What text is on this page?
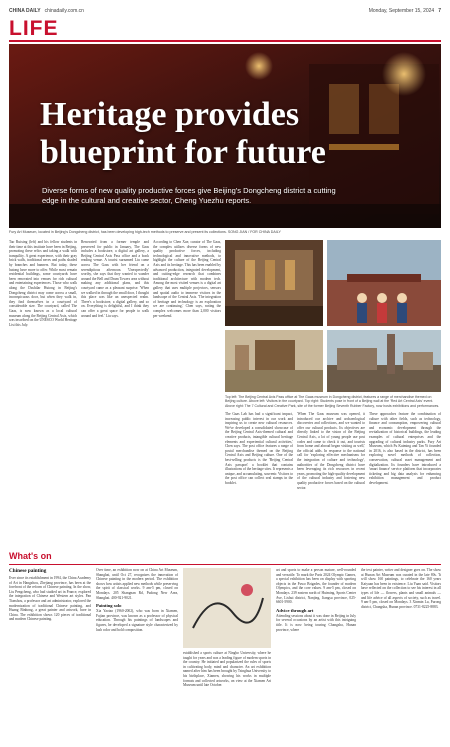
CHINA DAILY chinadaily.com.cn	Monday, September 15, 2024 7
LIFE
Heritage provides blueprint for future
Diverse forms of new quality productive forces give Beijing's Dongcheng district a cutting edge in the cultural and creative sector, Cheng Yuezhu reports.
Fury Art Museum, located in Beijing's Dongcheng district, has been developing high-tech methods to preserve and present its collections. SONG JIAN / FOR CHINA DAILY
Tao Ruixing (left) and his fellow students in their time at this institute have been in Beijing, promoting these relics and taking a walk with tranquility. A great experience, with their gray brick walls, traditional eaves and paths shaded by branches and banners. But today, these hutong have more to offer. While most remain residential buildings, some courtyards have been renovated into venues for rich cultural and entertaining experiences. Those who walk along the Dashilar Hutong in Beijing's Dongcheng district may come across a small, inconspicuous door, but when they walk in, they find themselves in a courtyard of considerable size. The courtyard, called The Gaas, is now known as a local cultural museum along the Beijing Central Axis, which was inscribed on the UNESCO World Heritage List this July.
Renovated from a former temple and preserved for public in January, The Gaas includes a bookstore, a digital art gallery, a Beijing Central Axis Pass office and a book reading venue. A tourist surnamed Liu came across The Gaas with her friend on a serendipitous afternoon. 'Unexpectedly' worthy, she says that they wanted to wander around the Bell and Drum Towers area without making any additional plans, and this courtyard came as a pleasant surprise. 'When we walked in through the small door, I thought this place was like an unexpected realm. There's a bookstore, a digital gallery, and so on. Everything is delightful, and I think they can offer a great space for people to walk around and feel.' Liu says.
According to Chen Xue, curator of The Gaas, the complex utilizes diverse forms of new quality productive forces, including technological and innovative methods, to highlight the culture of the Beijing Central Axis and its heritage. This has been enabled by advanced production, integrated development, and cutting-edge research that combines traditional architecture with modern tech. Among the most visited venues is a digital art gallery that uses multiple projectors, sensors and spatial audio to immerse visitors in the landscape of the Central Axis. 'The integration of heritage and technology is an exploration we are continuing,' Chen says, noting the complex welcomes more than 2,000 visitors per weekend.
Top left: The Beijing Central Axis Pass office at The Gaas museum in Dongcheng district, features a range of merchandise themed on Beijing culture. Above left: Visitors in the courtyard. Top right: Students pose in front of a Beijing wall at the 'Red Art Central Axis' event. Above right: The 7 Cultural and Creative Park, site of the former Beijing Seventh Rubber Factory, now hosts exhibitions and performances.
The Gaas Lab has had a significant impact, increasing public interest in our work and inspiring us to create new cultural resources. We've developed a consolidated showcase of the Beijing Central Axis-themed cultural and creative products, intangible cultural heritage elements and experiential cultural activities,' Chen says. The post office features a range of postal merchandise themed on the Beijing Central Axis and Beijing culture. One of the best-selling products is the 'Beijing Central Axis passport' a booklet that contains illustrations of the heritage sites. It represents a unique, and accumulating, souvenir. Visitors to the post office can collect seal stamps in the booklet.
'When The Gaas museum was opened, it introduced our archive and archaeological discoveries and collections, and we wanted to offer our cultural products. Its objectives are directly linked to the vision of the Beijing Central Axis, a lot of young people use post codes and came to check it out, and tourists from home and abroad began visiting as well,' the official adds. In response to the national call for 'exploring effective mechanisms for the integration of culture and technology', authorities of the Dongcheng district have been leveraging its rich resources in recent years, promoting the high-quality development of the cultural industry and fostering new quality productive forces based on the cultural sector.
These approaches feature the combination of culture with other fields, such as technology, finance and consumption, empowering cultural and economic development through the revitalization of historical buildings, the leading examples of cultural enterprises and the upgrading of cultural industry parks. Fury Art Museum, which Fu Kaiming and Tan Yi founded in 2016, is also based in the district, has been exploring novel methods of collection, conservation, cultural asset management and digitalization. Its founders have introduced a 'smart finance' service platform that incorporates ticketing and big data analysis for enhancing exhibition management and product development.
What's on
Chinese painting
Ever since its establishment in 1994, the China Academy of Art in Hangzhou, Zhejiang province, has been at the forefront of the reform of Chinese painting. In the show, Liu Pengcheng, who had studied art in France, explored the integration of Chinese and Western art styles. Pan Tianshou, a professor and art administrator, explored the modernization of traditional Chinese painting, and Huang Binhong, a great painter and artwork, bore in China. The exhibition shows 120 pieces of traditional and modern Chinese painting.
Over time, an exhibition now on at China Art Museum, Shanghai, until Oct 27, recognizes the innovation of Chinese painting in the modern period. The exhibition shows how artists applied new methods while preserving the spirit of classical works. 9 am-5 pm, closed on Mondays. 205 Shangnan Rd, Pudong New Area, Shanghai. 400-921-9021.
Painting solo
Xia Yaotao (1960-2002), who was born in Xiamen, Fujian province, was known as a professor of physical education. Through his paintings of landscapes and figures, he developed a signature style characterized by lush color and bold composition.
established a sports culture at Ningbo University, where he taught for years and was a leading figure of modern sports in the country. He initiated and popularized the rules of sports in cultivating body, mind and character. An art exhibition named after him has been brought by Tsinghua University to his birthplace, Xiamen, showing his works in multiple formats and collected artworks, on view at the Xiamen Art Museum until late October.
art and sports to make a person mature, well-rounded and versatile. To mark the Paris 2024 Olympic Games, a special exhibition has been on display with sporting objects in the Fuwo Brigades, the founder of modern Olympics, and the core values. 9 am-5 pm, closed on Mondays. 239 eastern north of Huiming, Sports Center Ave, Lishui district, Nanjing, Jiangsu province, 025-6601-5900.
Advice through art
Attending sessions about it was done in Beijing in July for several occasions by an artist with this intriguing title. It is now being touring Changsha, Hunan province, where
the text painter, writer and designer goes on. The show at Hunan Art Museum was curated in the late 80s. 'It will show 160 paintings, to celebrate the 160 years Kaiyuan has been in existence. Liu Yuan said. Visitors have reflected on the collection to see his interest in all types of life — flowers, plants and small animals — and life advice of all aspects of society, such as travel. 9 am-5 pm, closed on Mondays. 3 Xinmin Lu, Furong district, Changsha, Hunan province. 0731-8225-8883.
